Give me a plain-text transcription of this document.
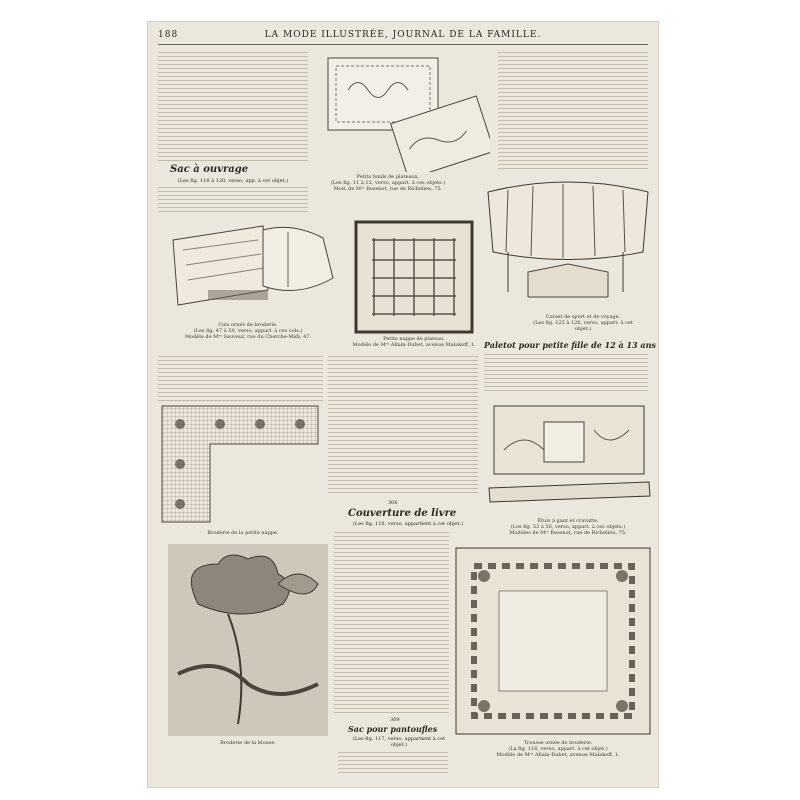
188	LA MODE ILLUSTRÉE, JOURNAL DE LA FAMILLE.
Sac à ouvrage
(Les fig. 116 à 120, verso, app. à cet objet.)
Petits fonds de plateaux.
(Les fig. 11 à 12, verso, appart. à ces objets.)
Mod. de Mᵉˢ Rossnot, rue de Richelieu, 75.
Cols ornés de broderie.
(Les fig. 47 à 50, verso, apparl. à ces cols.)
Modèle de Mᵉˢ Sauveur, rue du Cherche-Midi, 47.	Petite nappe de plateau.
Modèle de Mᵉˢ Allain-Dubet, avenue Malakoff, 1.
Corset de sport et de voyage.
(Les fig. 125 à 126, verso, appart. à cet objet.)
Paletot pour petite fille de 12 à 13 ans
Broderie de la petite nappe.
Étuis à gant et cravatte.
(Les fig. 53 à 56, verso, appart. à ces objets.)
Modèles de Mᵉˢ Rossnot, rue de Richelieu, 75.
306
Couverture de livre
(Les fig. 118, verso, appartient à cet objet.)
Broderie de la blouse.
309
Sac pour pantoufles
(Les fig. 117, verso, appartient à cet objet.)	Trousse ornée de broderie.
(La fig. 116, verso, appart. à cet objet.)
Modèle de Mᵉˢ Allain-Dubet, avenue Malakoff, 1.
